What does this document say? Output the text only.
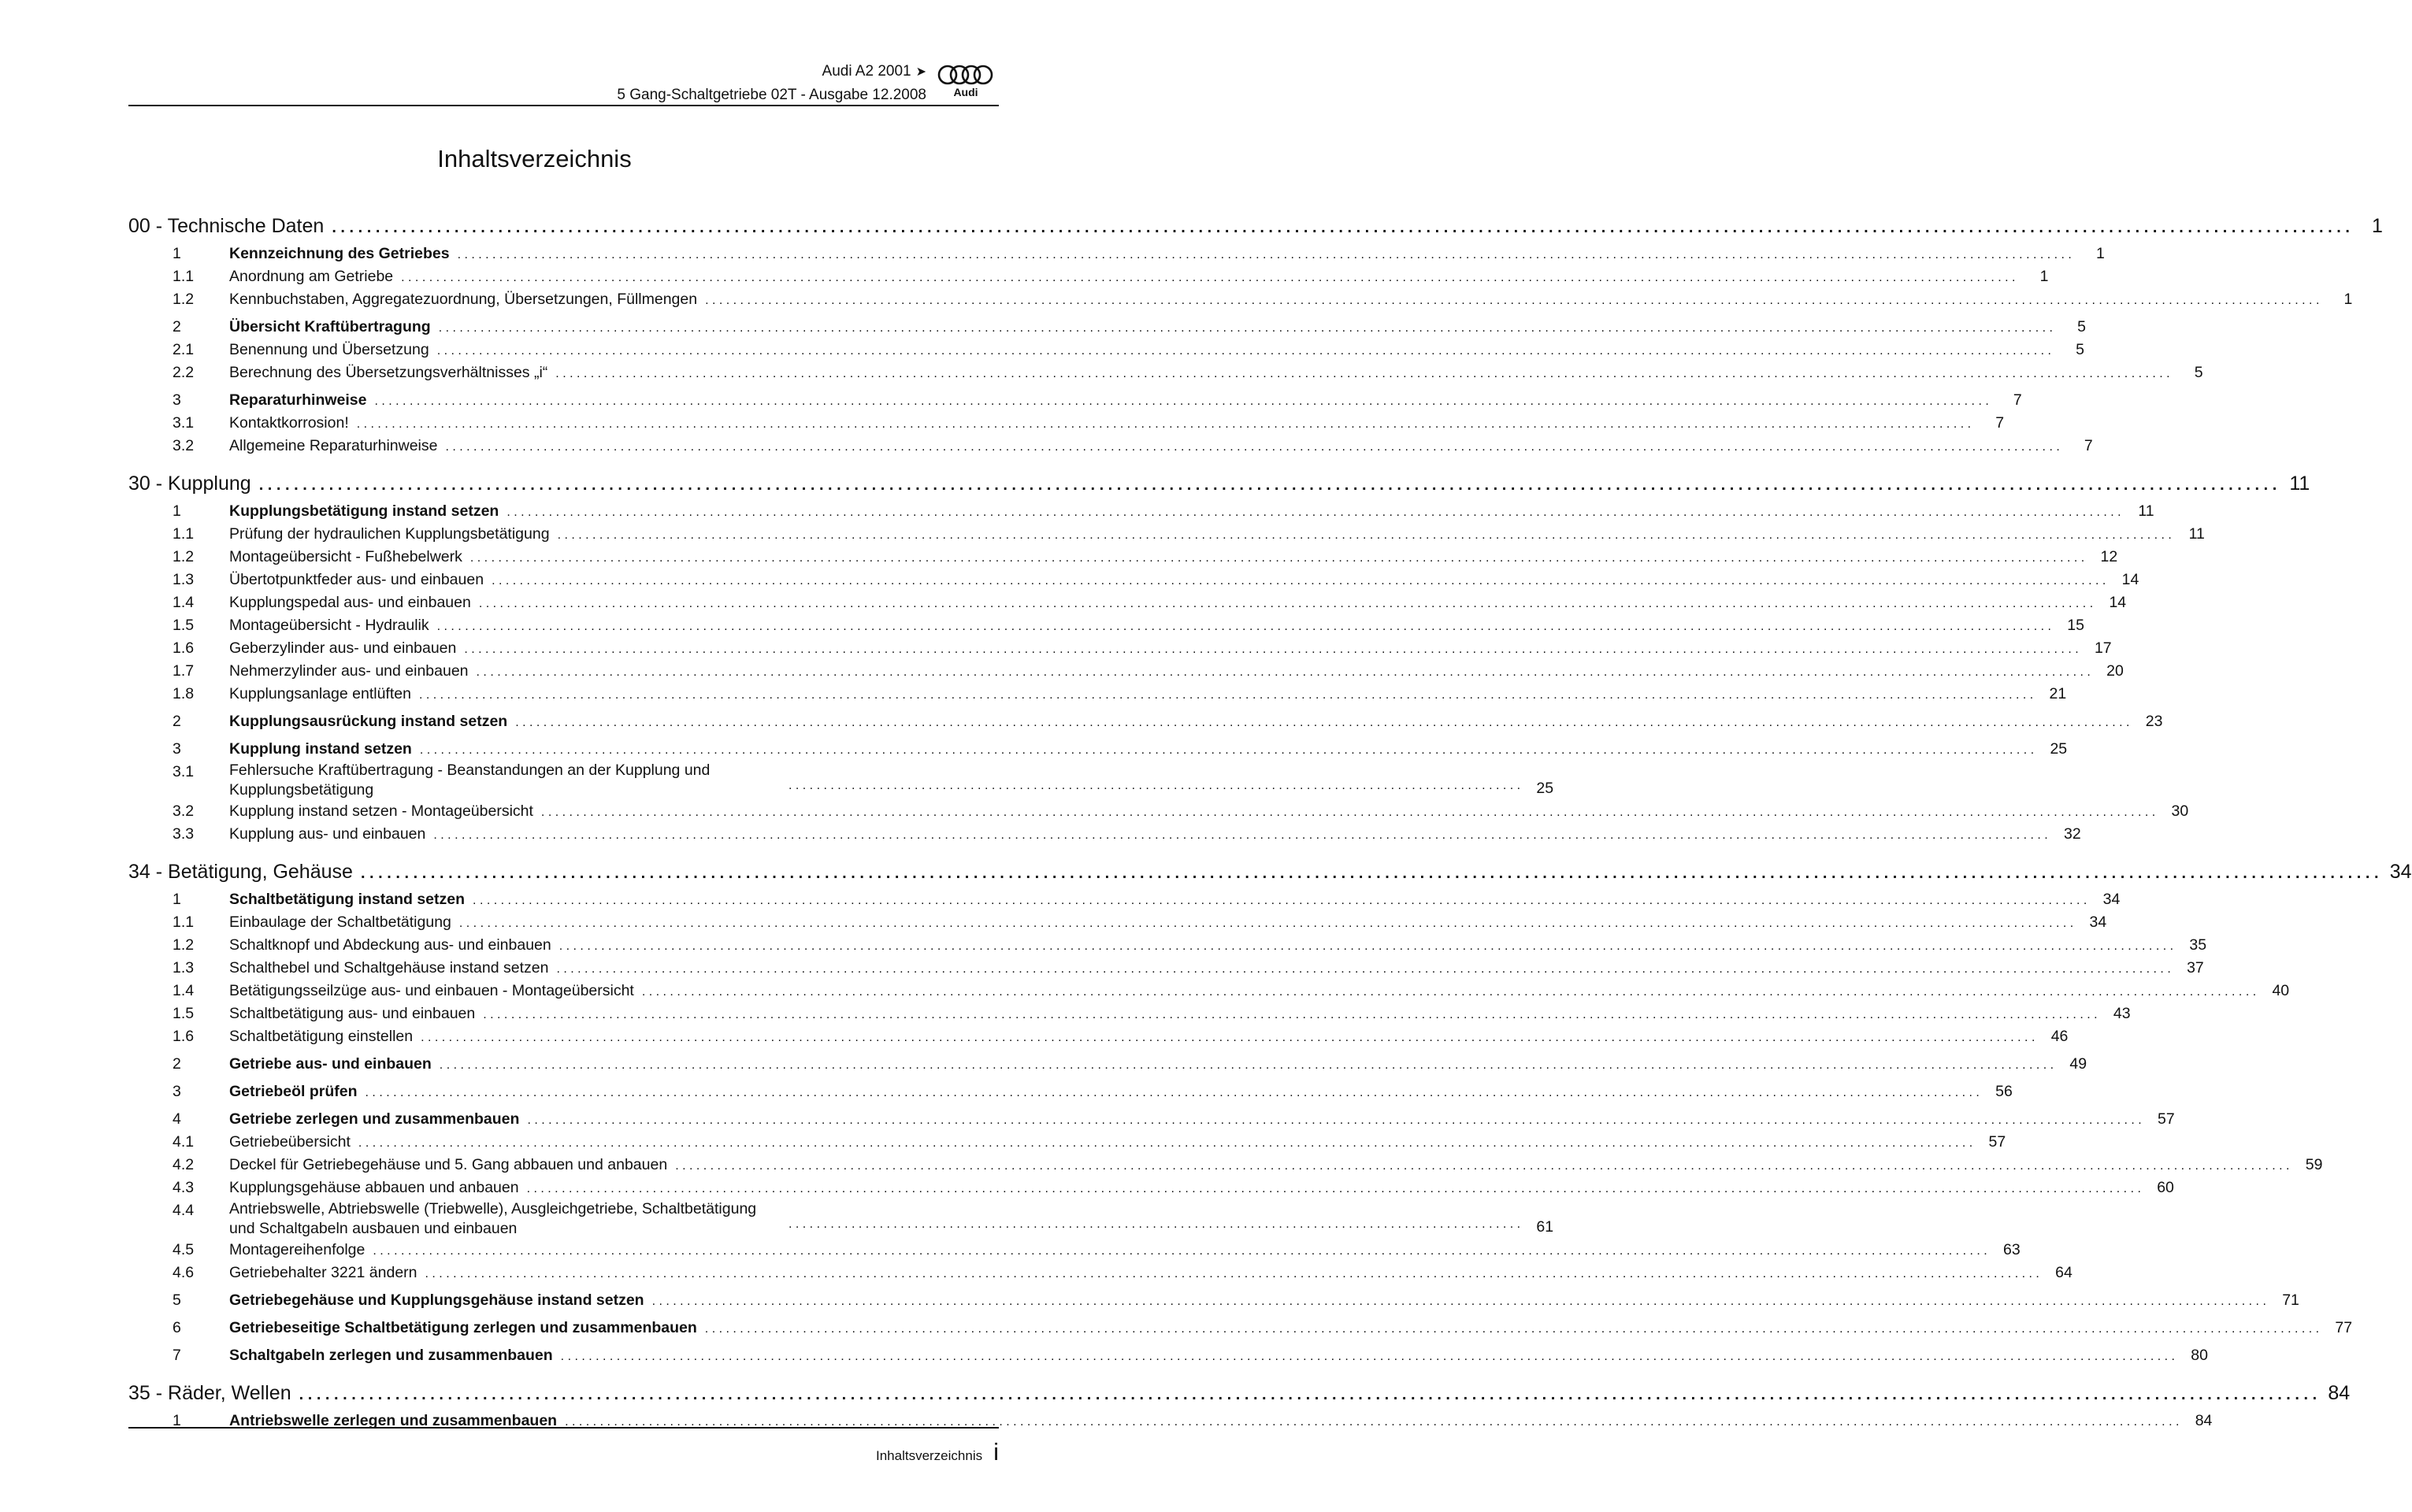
Audi A2 2001 ➤
5 Gang-Schaltgetriebe 02T - Ausgabe 12.2008 Audi
Inhaltsverzeichnis
00 - Technische Daten . . .	1
1	Kennzeichnung des Getriebes . . .	1
1.1	Anordnung am Getriebe . . .	1
1.2	Kennbuchstaben, Aggregatezuordnung, Übersetzungen, Füllmengen . . .	1
2	Übersicht Kraftübertragung . . .	5
2.1	Benennung und Übersetzung . . .	5
2.2	Berechnung des Übersetzungsverhältnisses „i“ . . .	5
3	Reparaturhinweise . . .	7
3.1	Kontaktkorrosion! . . .	7
3.2	Allgemeine Reparaturhinweise . . .	7
30 - Kupplung . . .	11
1	Kupplungsbetätigung instand setzen . . .	11
1.1	Prüfung der hydraulichen Kupplungsbetätigung . . .	11
1.2	Montageübersicht - Fußhebelwerk . . .	12
1.3	Übertotpunktfeder aus- und einbauen . . .	14
1.4	Kupplungspedal aus- und einbauen . . .	14
1.5	Montageübersicht - Hydraulik . . .	15
1.6	Geberzylinder aus- und einbauen . . .	17
1.7	Nehmerzylinder aus- und einbauen . . .	20
1.8	Kupplungsanlage entlüften . . .	21
2	Kupplungsausrückung instand setzen . . .	23
3	Kupplung instand setzen . . .	25
3.1	Fehlersuche Kraftübertragung - Beanstandungen an der Kupplung und Kupplungsbetätigung . . .	25
3.2	Kupplung instand setzen - Montageübersicht . . .	30
3.3	Kupplung aus- und einbauen . . .	32
34 - Betätigung, Gehäuse . . .	34
1	Schaltbetätigung instand setzen . . .	34
1.1	Einbaulage der Schaltbetätigung . . .	34
1.2	Schaltknopf und Abdeckung aus- und einbauen . . .	35
1.3	Schalthebel und Schaltgehäuse instand setzen . . .	37
1.4	Betätigungsseilzüge aus- und einbauen - Montageübersicht . . .	40
1.5	Schaltbetätigung aus- und einbauen . . .	43
1.6	Schaltbetätigung einstellen . . .	46
2	Getriebe aus- und einbauen . . .	49
3	Getriebeöl prüfen . . .	56
4	Getriebe zerlegen und zusammenbauen . . .	57
4.1	Getriebeübersicht . . .	57
4.2	Deckel für Getriebegehäuse und 5. Gang abbauen und anbauen . . .	59
4.3	Kupplungsgehäuse abbauen und anbauen . . .	60
4.4	Antriebswelle, Abtriebswelle (Triebwelle), Ausgleichgetriebe, Schaltbetätigung und Schaltgabeln ausbauen und einbauen . . .	61
4.5	Montagereihenfolge . . .	63
4.6	Getriebehalter 3221 ändern . . .	64
5	Getriebegehäuse und Kupplungsgehäuse instand setzen . . .	71
6	Getriebeseitige Schaltbetätigung zerlegen und zusammenbauen . . .	77
7	Schaltgabeln zerlegen und zusammenbauen . . .	80
35 - Räder, Wellen . . .	84
1	Antriebswelle zerlegen und zusammenbauen . . .	84
Inhaltsverzeichnis i
